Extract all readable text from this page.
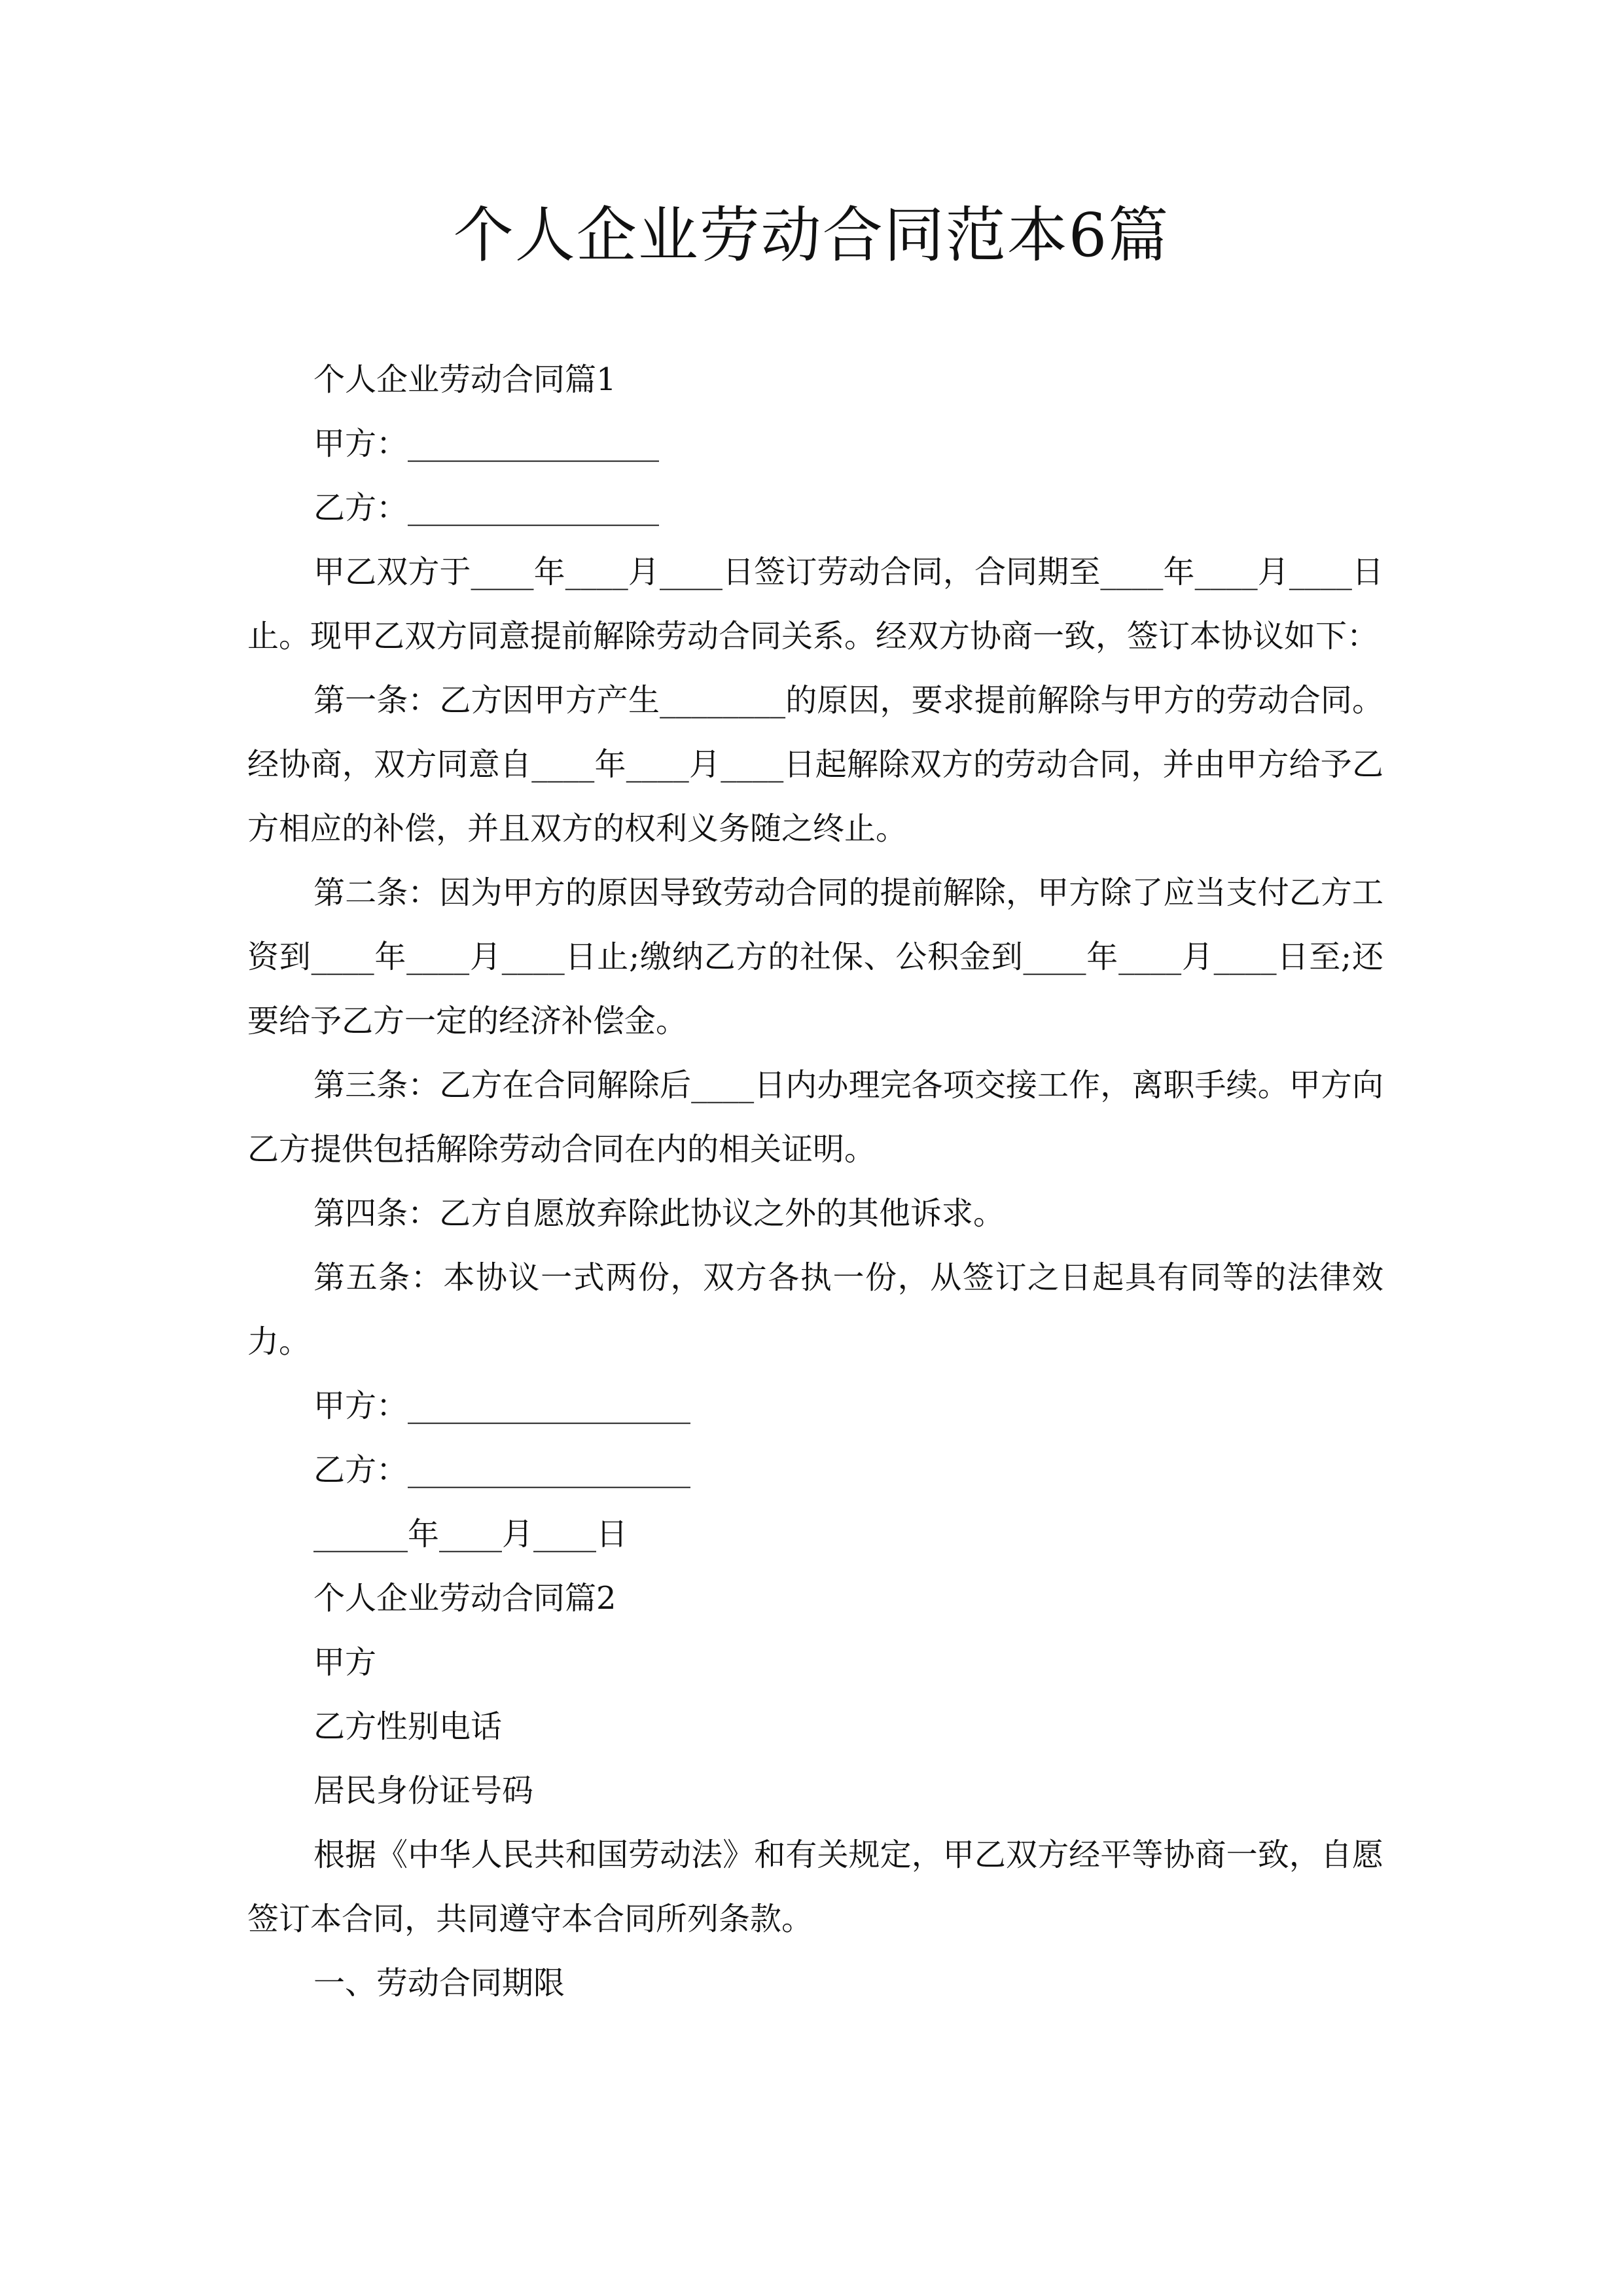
个人企业劳动合同范本6篇

个人企业劳动合同篇1

甲方：________________

乙方：________________

甲乙双方于____年____月____日签订劳动合同，合同期至____年____月____日止。现甲乙双方同意提前解除劳动合同关系。经双方协商一致，签订本协议如下：

第一条：乙方因甲方产生________的原因，要求提前解除与甲方的劳动合同。经协商，双方同意自____年____月____日起解除双方的劳动合同，并由甲方给予乙方相应的补偿，并且双方的权利义务随之终止。

第二条：因为甲方的原因导致劳动合同的提前解除，甲方除了应当支付乙方工资到____年____月____日止;缴纳乙方的社保、公积金到____年____月____日至;还要给予乙方一定的经济补偿金。

第三条：乙方在合同解除后____日内办理完各项交接工作，离职手续。甲方向乙方提供包括解除劳动合同在内的相关证明。

第四条：乙方自愿放弃除此协议之外的其他诉求。

第五条：本协议一式两份，双方各执一份，从签订之日起具有同等的法律效力。

甲方：__________________

乙方：__________________

______年____月____日

个人企业劳动合同篇2

甲方

乙方性别电话

居民身份证号码

根据《中华人民共和国劳动法》和有关规定，甲乙双方经平等协商一致，自愿签订本合同，共同遵守本合同所列条款。

一、劳动合同期限
